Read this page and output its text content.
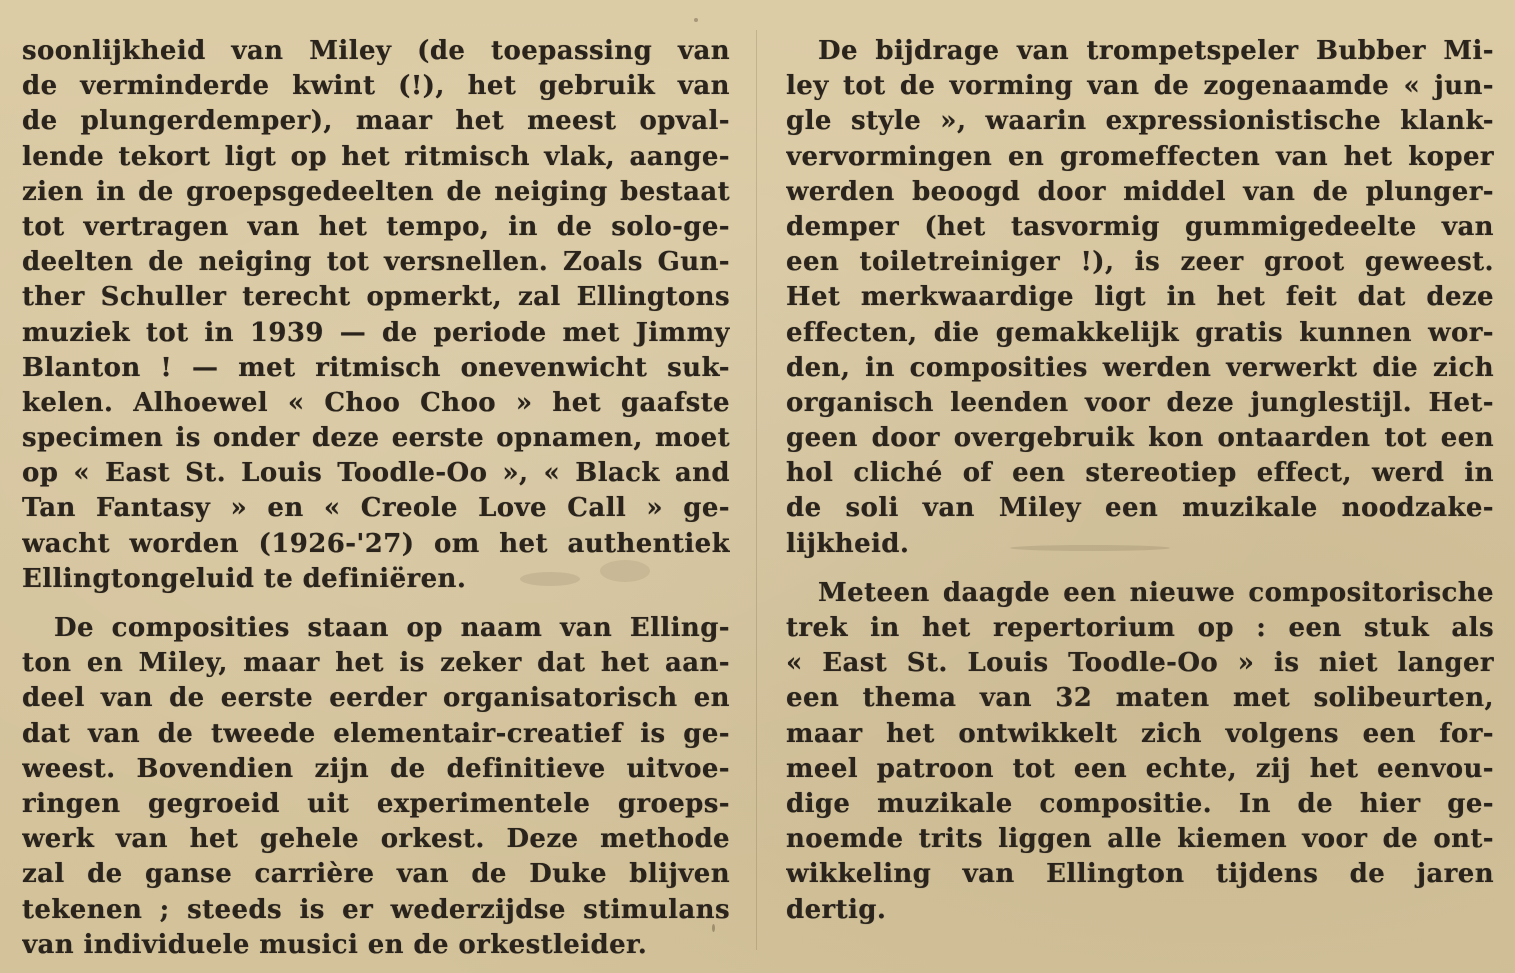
soonlijkheid van Miley (de toepassing van
de verminderde kwint (!), het gebruik van
de plungerdemper), maar het meest opval-
lende tekort ligt op het ritmisch vlak, aange-
zien in de groepsgedeelten de neiging bestaat
tot vertragen van het tempo, in de solo-ge-
deelten de neiging tot versnellen. Zoals Gun-
ther Schuller terecht opmerkt, zal Ellingtons
muziek tot in 1939 — de periode met Jimmy
Blanton ! — met ritmisch onevenwicht suk-
kelen. Alhoewel « Choo Choo » het gaafste
specimen is onder deze eerste opnamen, moet
op « East St. Louis Toodle-Oo », « Black and
Tan Fantasy » en « Creole Love Call » ge-
wacht worden (1926-'27) om het authentiek
Ellingtongeluid te definiëren.
De composities staan op naam van Elling-
ton en Miley, maar het is zeker dat het aan-
deel van de eerste eerder organisatorisch en
dat van de tweede elementair-creatief is ge-
weest. Bovendien zijn de definitieve uitvoe-
ringen gegroeid uit experimentele groeps-
werk van het gehele orkest. Deze methode
zal de ganse carrière van de Duke blijven
tekenen ; steeds is er wederzijdse stimulans
van individuele musici en de orkestleider.
De bijdrage van trompetspeler Bubber Mi-
ley tot de vorming van de zogenaamde « jun-
gle style », waarin expressionistische klank-
vervormingen en gromeffecten van het koper
werden beoogd door middel van de plunger-
demper (het tasvormig gummigedeelte van
een toiletreiniger !), is zeer groot geweest.
Het merkwaardige ligt in het feit dat deze
effecten, die gemakkelijk gratis kunnen wor-
den, in composities werden verwerkt die zich
organisch leenden voor deze junglestijl. Het-
geen door overgebruik kon ontaarden tot een
hol cliché of een stereotiep effect, werd in
de soli van Miley een muzikale noodzake-
lijkheid.
Meteen daagde een nieuwe compositorische
trek in het repertorium op : een stuk als
« East St. Louis Toodle-Oo » is niet langer
een thema van 32 maten met solibeurten,
maar het ontwikkelt zich volgens een for-
meel patroon tot een echte, zij het eenvou-
dige muzikale compositie. In de hier ge-
noemde trits liggen alle kiemen voor de ont-
wikkeling van Ellington tijdens de jaren
dertig.
